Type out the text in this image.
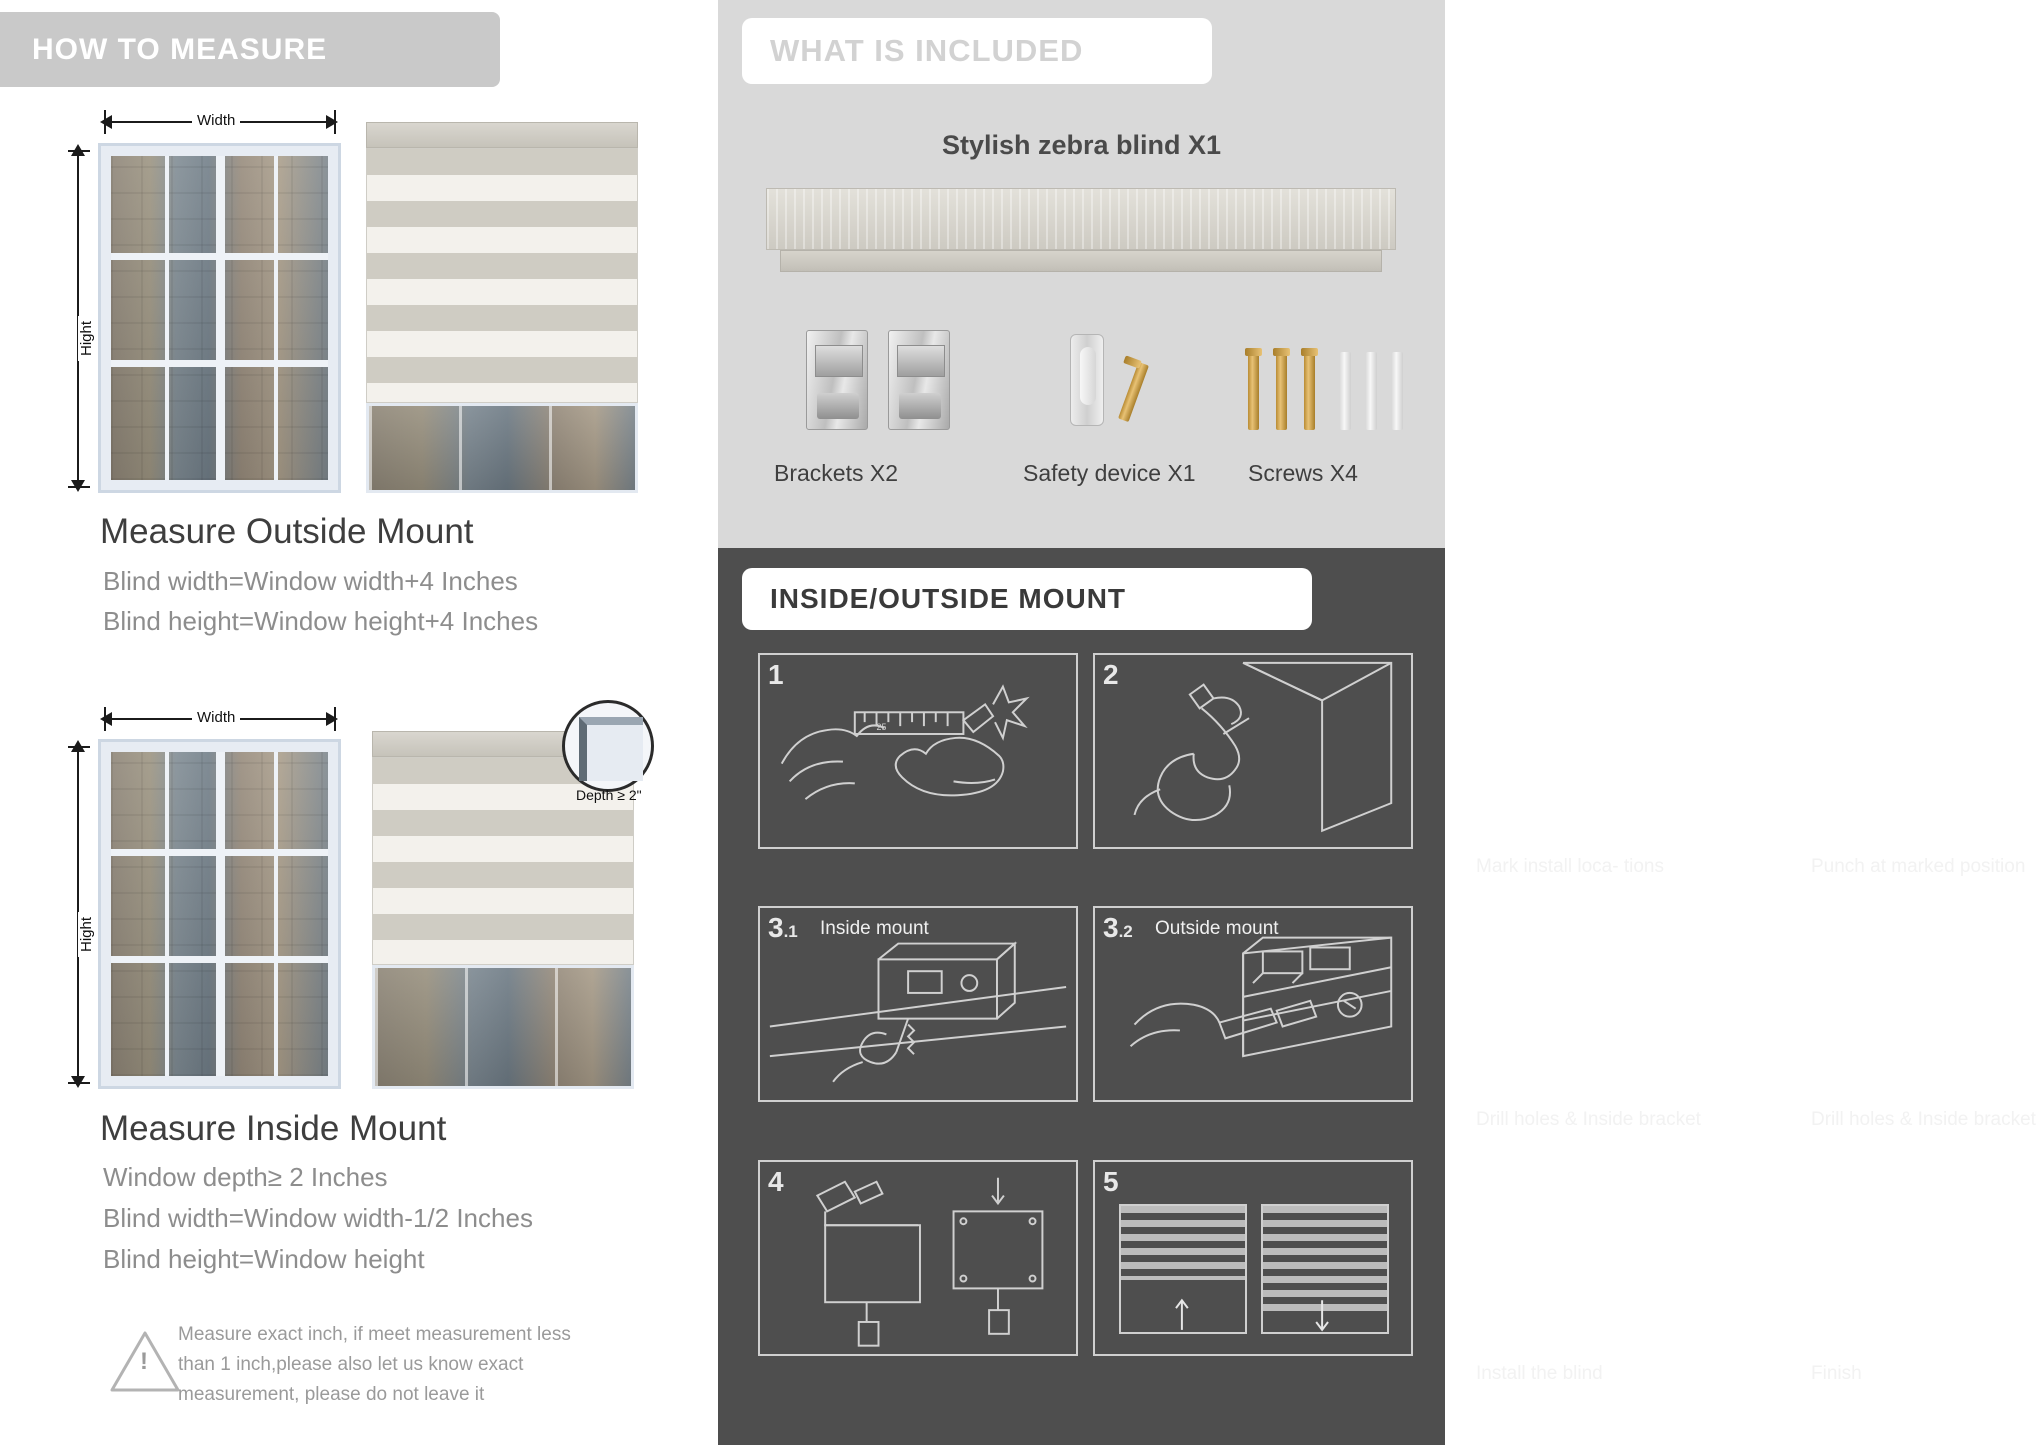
HOW TO MEASURE
Width
Hight
Measure Outside Mount
Blind width=Window width+4 Inches
Blind height=Window height+4 Inches
Width
Hight
Depth ≥ 2"
Measure Inside Mount
Window depth≥ 2 Inches
Blind width=Window width-1/2 Inches
Blind height=Window height
!
Measure exact inch, if meet measurement less
than 1 inch,please also let us know exact
measurement, please do not leave it
WHAT IS INCLUDED
Stylish zebra blind X1
Brackets X2	Safety device X1 Screws X4
INSIDE/OUTSIDE MOUNT
1
25
Mark install loca- tions
2
Punch at marked position
3.1 Inside mount
Drill holes & Inside bracket
3.2 Outside mount
Drill holes & Inside bracket
4
Install the blind
5
Finish
